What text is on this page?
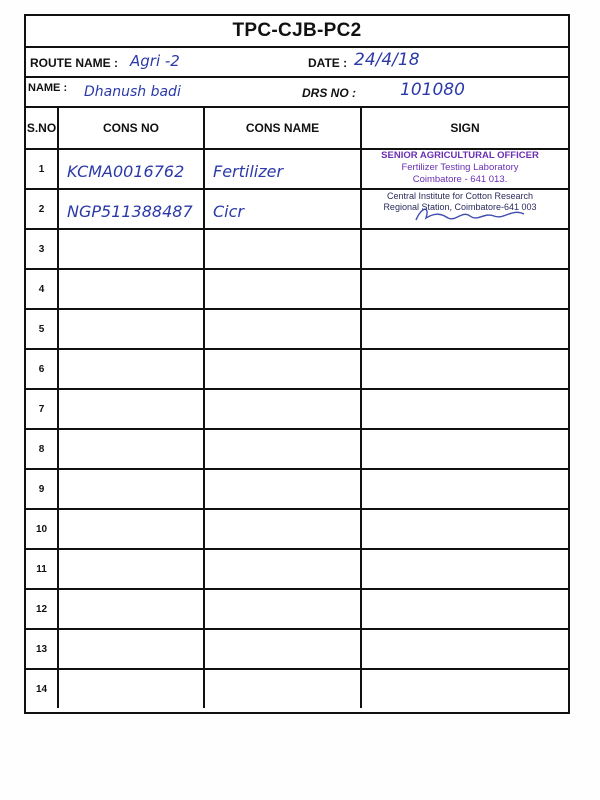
TPC-CJB-PC2
ROUTE NAME : Agri -2	DATE : 24/4/18
NAME : Dhanush badi	DRS NO :	101080
S.NO	CONS NO	CONS NAME	SIGN
1	KCMA0016762	Fertilizer	SENIOR AGRICULTURAL OFFICER
Fertilizer Testing Laboratory
Coimbatore - 641 013.

2	NGP511388487	Cicr	Central Institute for Cotton Research
Regional Station, Coimbatore-641 003

3			
4			
5			
6			
7			
8			
9			
10			
11			
12			
13			
14			
